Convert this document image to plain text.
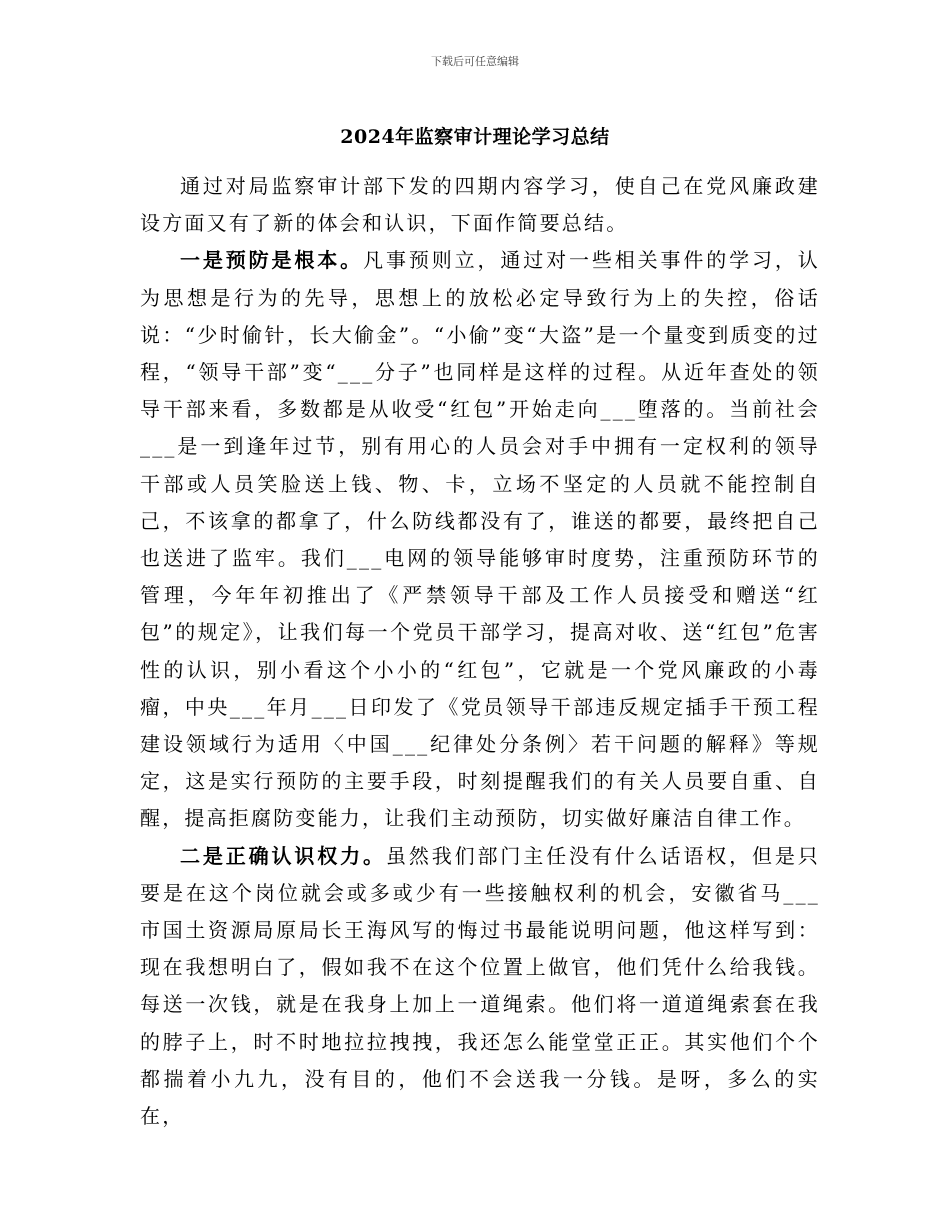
下载后可任意编辑
2024年监察审计理论学习总结

通过对局监察审计部下发的四期内容学习，使自己在党风廉政建设方面又有了新的体会和认识，下面作简要总结。

一是预防是根本。凡事预则立，通过对一些相关事件的学习，认为思想是行为的先导，思想上的放松必定导致行为上的失控，俗话说：“少时偷针，长大偷金”。“小偷”变“大盗”是一个量变到质变的过程，“领导干部”变“___分子”也同样是这样的过程。从近年查处的领导干部来看，多数都是从收受“红包”开始走向___堕落的。当前社会___是一到逢年过节，别有用心的人员会对手中拥有一定权利的领导干部或人员笑脸送上钱、物、卡，立场不坚定的人员就不能控制自己，不该拿的都拿了，什么防线都没有了，谁送的都要，最终把自己也送进了监牢。我们___电网的领导能够审时度势，注重预防环节的管理，今年年初推出了《严禁领导干部及工作人员接受和赠送“红包”的规定》，让我们每一个党员干部学习，提高对收、送“红包”危害性的认识，别小看这个小小的“红包”，它就是一个党风廉政的小毒瘤，中央___年月___日印发了《党员领导干部违反规定插手干预工程建设领域行为适用〈中国___纪律处分条例〉若干问题的解释》等规定，这是实行预防的主要手段，时刻提醒我们的有关人员要自重、自醒，提高拒腐防变能力，让我们主动预防，切实做好廉洁自律工作。

二是正确认识权力。虽然我们部门主任没有什么话语权，但是只要是在这个岗位就会或多或少有一些接触权利的机会，安徽省马___市国土资源局原局长王海风写的悔过书最能说明问题，他这样写到：现在我想明白了，假如我不在这个位置上做官，他们凭什么给我钱。每送一次钱，就是在我身上加上一道绳索。他们将一道道绳索套在我的脖子上，时不时地拉拉拽拽，我还怎么能堂堂正正。其实他们个个都揣着小九九，没有目的，他们不会送我一分钱。是呀，多么的实在，
